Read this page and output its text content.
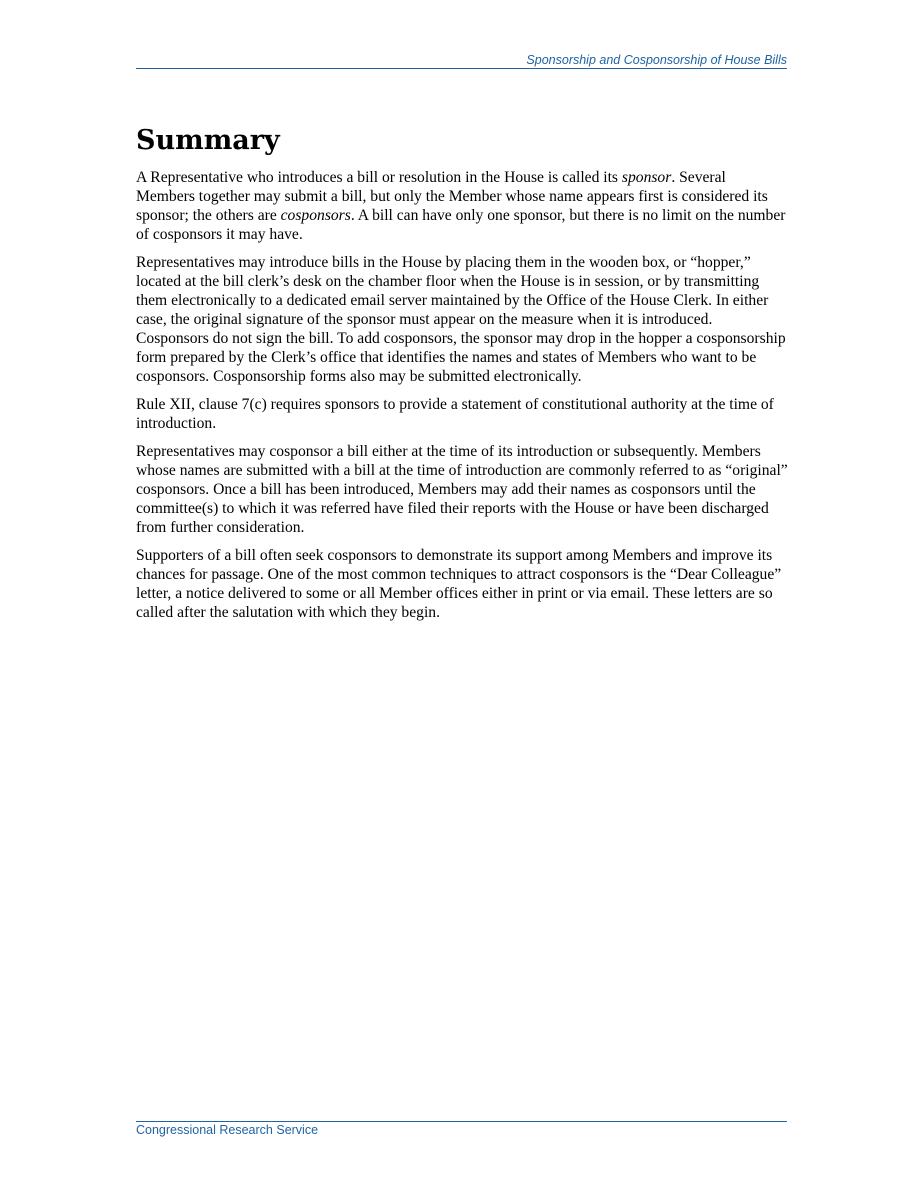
Sponsorship and Cosponsorship of House Bills
Summary

A Representative who introduces a bill or resolution in the House is called its sponsor. Several Members together may submit a bill, but only the Member whose name appears first is considered its sponsor; the others are cosponsors. A bill can have only one sponsor, but there is no limit on the number of cosponsors it may have.

Representatives may introduce bills in the House by placing them in the wooden box, or “hopper,” located at the bill clerk’s desk on the chamber floor when the House is in session, or by transmitting them electronically to a dedicated email server maintained by the Office of the House Clerk. In either case, the original signature of the sponsor must appear on the measure when it is introduced. Cosponsors do not sign the bill. To add cosponsors, the sponsor may drop in the hopper a cosponsorship form prepared by the Clerk’s office that identifies the names and states of Members who want to be cosponsors. Cosponsorship forms also may be submitted electronically.

Rule XII, clause 7(c) requires sponsors to provide a statement of constitutional authority at the time of introduction.

Representatives may cosponsor a bill either at the time of its introduction or subsequently. Members whose names are submitted with a bill at the time of introduction are commonly referred to as “original” cosponsors. Once a bill has been introduced, Members may add their names as cosponsors until the committee(s) to which it was referred have filed their reports with the House or have been discharged from further consideration.

Supporters of a bill often seek cosponsors to demonstrate its support among Members and improve its chances for passage. One of the most common techniques to attract cosponsors is the “Dear Colleague” letter, a notice delivered to some or all Member offices either in print or via email. These letters are so called after the salutation with which they begin.

Congressional Research Service
